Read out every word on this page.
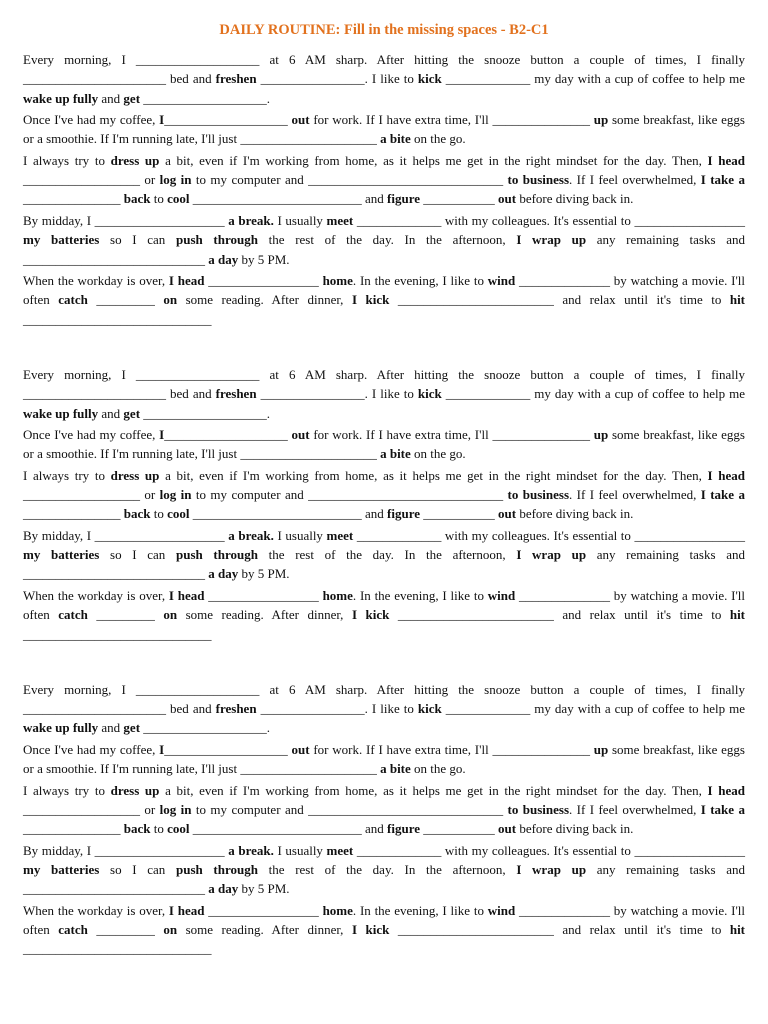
DAILY ROUTINE: Fill in the missing spaces - B2-C1

Every morning, I ___________________ at 6 AM sharp. After hitting the snooze button a couple of times, I finally ______________________ bed and freshen ________________. I like to kick _____________ my day with a cup of coffee to help me wake up fully and get ___________________.

Once I've had my coffee, I___________________ out for work. If I have extra time, I'll _______________ up some breakfast, like eggs or a smoothie. If I'm running late, I'll just _____________________ a bite on the go.

I always try to dress up a bit, even if I'm working from home, as it helps me get in the right mindset for the day. Then, I head __________________ or log in to my computer and ______________________________ to business. If I feel overwhelmed, I take a _______________ back to cool __________________________ and figure ___________ out before diving back in.

By midday, I ____________________ a break. I usually meet _____________ with my colleagues. It's essential to _________________ my batteries so I can push through the rest of the day. In the afternoon, I wrap up any remaining tasks and ____________________________ a day by 5 PM.

When the workday is over, I head _________________ home. In the evening, I like to wind ______________ by watching a movie. I'll often catch _________ on some reading. After dinner, I kick ________________________ and relax until it's time to hit _____________________________

Every morning, I ___________________ at 6 AM sharp. After hitting the snooze button a couple of times, I finally ______________________ bed and freshen ________________. I like to kick _____________ my day with a cup of coffee to help me wake up fully and get ___________________.

Once I've had my coffee, I___________________ out for work. If I have extra time, I'll _______________ up some breakfast, like eggs or a smoothie. If I'm running late, I'll just _____________________ a bite on the go.

I always try to dress up a bit, even if I'm working from home, as it helps me get in the right mindset for the day. Then, I head __________________ or log in to my computer and ______________________________ to business. If I feel overwhelmed, I take a _______________ back to cool __________________________ and figure ___________ out before diving back in.

By midday, I ____________________ a break. I usually meet _____________ with my colleagues. It's essential to _________________ my batteries so I can push through the rest of the day. In the afternoon, I wrap up any remaining tasks and ____________________________ a day by 5 PM.

When the workday is over, I head _________________ home. In the evening, I like to wind ______________ by watching a movie. I'll often catch _________ on some reading. After dinner, I kick ________________________ and relax until it's time to hit _____________________________

Every morning, I ___________________ at 6 AM sharp. After hitting the snooze button a couple of times, I finally ______________________ bed and freshen ________________. I like to kick _____________ my day with a cup of coffee to help me wake up fully and get ___________________.

Once I've had my coffee, I___________________ out for work. If I have extra time, I'll _______________ up some breakfast, like eggs or a smoothie. If I'm running late, I'll just _____________________ a bite on the go.

I always try to dress up a bit, even if I'm working from home, as it helps me get in the right mindset for the day. Then, I head __________________ or log in to my computer and ______________________________ to business. If I feel overwhelmed, I take a _______________ back to cool __________________________ and figure ___________ out before diving back in.

By midday, I ____________________ a break. I usually meet _____________ with my colleagues. It's essential to _________________ my batteries so I can push through the rest of the day. In the afternoon, I wrap up any remaining tasks and ____________________________ a day by 5 PM.

When the workday is over, I head _________________ home. In the evening, I like to wind ______________ by watching a movie. I'll often catch _________ on some reading. After dinner, I kick ________________________ and relax until it's time to hit _____________________________
